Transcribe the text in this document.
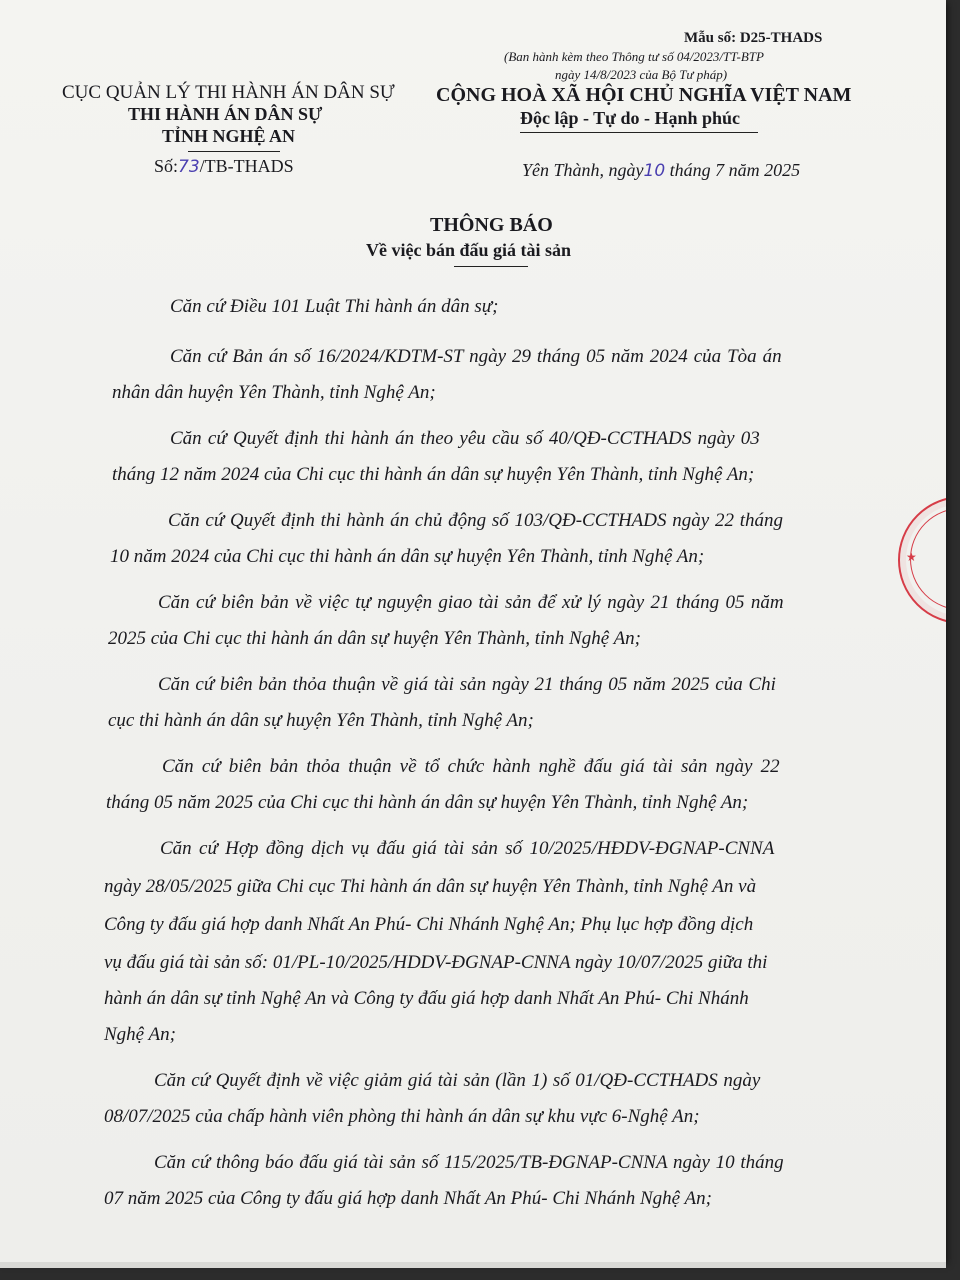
Mẫu số: D25-THADS
(Ban hành kèm theo Thông tư số 04/2023/TT-BTP
ngày 14/8/2023 của Bộ Tư pháp)
CỤC QUẢN LÝ THI HÀNH ÁN DÂN SỰ
THI HÀNH ÁN DÂN SỰ
TỈNH NGHỆ AN
Số:73/TB-THADS
CỘNG HOÀ XÃ HỘI CHỦ NGHĨA VIỆT NAM
Độc lập - Tự do - Hạnh phúc
Yên Thành, ngày10 tháng 7 năm 2025
THÔNG BÁO
Về việc bán đấu giá tài sản
Căn cứ Điều 101 Luật Thi hành án dân sự;
Căn cứ Bản án số 16/2024/KDTM-ST ngày 29 tháng 05 năm 2024 của Tòa án
nhân dân huyện Yên Thành, tỉnh Nghệ An;
Căn cứ Quyết định thi hành án theo yêu cầu số 40/QĐ-CCTHADS ngày 03
tháng 12 năm 2024 của Chi cục thi hành án dân sự huyện Yên Thành, tỉnh Nghệ An;
Căn cứ Quyết định thi hành án chủ động số 103/QĐ-CCTHADS ngày 22 tháng
10 năm 2024 của Chi cục thi hành án dân sự huyện Yên Thành, tỉnh Nghệ An;
Căn cứ biên bản về việc tự nguyện giao tài sản để xử lý ngày 21 tháng 05 năm
2025 của Chi cục thi hành án dân sự huyện Yên Thành, tỉnh Nghệ An;
Căn cứ biên bản thỏa thuận về giá tài sản ngày 21 tháng 05 năm 2025 của Chi
cục thi hành án dân sự huyện Yên Thành, tỉnh Nghệ An;
Căn cứ biên bản thỏa thuận về tổ chức hành nghề đấu giá tài sản ngày 22
tháng 05 năm 2025 của Chi cục thi hành án dân sự huyện Yên Thành, tỉnh Nghệ An;
Căn cứ Hợp đồng dịch vụ đấu giá tài sản số 10/2025/HĐDV-ĐGNAP-CNNA
ngày 28/05/2025 giữa Chi cục Thi hành án dân sự huyện Yên Thành, tỉnh Nghệ An và
Công ty đấu giá hợp danh Nhất An Phú- Chi Nhánh Nghệ An; Phụ lục hợp đồng dịch
vụ đấu giá tài sản số: 01/PL-10/2025/HDDV-ĐGNAP-CNNA ngày 10/07/2025 giữa thi
hành án dân sự tỉnh Nghệ An và Công ty đấu giá hợp danh Nhất An Phú- Chi Nhánh
Nghệ An;
Căn cứ Quyết định về việc giảm giá tài sản (lần 1) số 01/QĐ-CCTHADS ngày
08/07/2025 của chấp hành viên phòng thi hành án dân sự khu vực 6-Nghệ An;
Căn cứ thông báo đấu giá tài sản số 115/2025/TB-ĐGNAP-CNNA ngày 10 tháng
07 năm 2025 của Công ty đấu giá hợp danh Nhất An Phú- Chi Nhánh Nghệ An;
★
